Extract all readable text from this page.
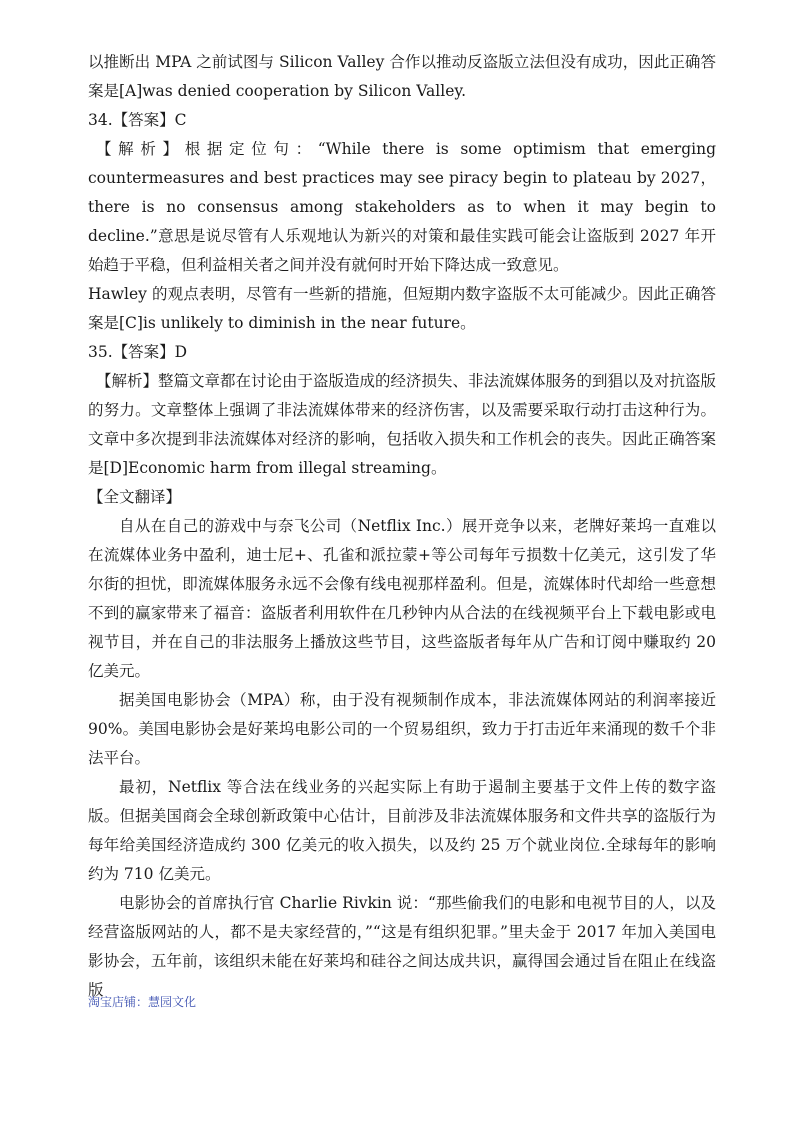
以推断出 MPA 之前试图与 Silicon Valley 合作以推动反盗版立法但没有成功，因此正确答案是[A]was denied cooperation by Silicon Valley.

34.【答案】C

【解析】根据定位句：“While there is some optimism that emerging countermeasures and best practices may see piracy begin to plateau by 2027，there is no consensus among stakeholders as to when it may begin to decline.”意思是说尽管有人乐观地认为新兴的对策和最佳实践可能会让盗版到 2027 年开始趋于平稳，但利益相关者之间并没有就何时开始下降达成一致意见。

Hawley 的观点表明，尽管有一些新的措施，但短期内数字盗版不太可能减少。因此正确答案是[C]is unlikely to diminish in the near future。

35.【答案】D

【解析】整篇文章都在讨论由于盗版造成的经济损失、非法流媒体服务的到猖以及对抗盗版的努力。文章整体上强调了非法流媒体带来的经济伤害，以及需要采取行动打击这种行为。文章中多次提到非法流媒体对经济的影响，包括收入损失和工作机会的丧失。因此正确答案是[D]Economic harm from illegal streaming。

【全文翻译】

自从在自己的游戏中与奈飞公司（Netflix Inc.）展开竞争以来，老牌好莱坞一直难以在流媒体业务中盈利，迪士尼+、孔雀和派拉蒙+等公司每年亏损数十亿美元，这引发了华尔街的担忧，即流媒体服务永远不会像有线电视那样盈利。但是，流媒体时代却给一些意想不到的赢家带来了福音：盗版者利用软件在几秒钟内从合法的在线视频平台上下载电影或电视节目，并在自己的非法服务上播放这些节目，这些盗版者每年从广告和订阅中赚取约 20 亿美元。

据美国电影协会（MPA）称，由于没有视频制作成本，非法流媒体网站的利润率接近 90%。美国电影协会是好莱坞电影公司的一个贸易组织，致力于打击近年来涌现的数千个非法平台。

最初，Netflix 等合法在线业务的兴起实际上有助于遏制主要基于文件上传的数字盗版。但据美国商会全球创新政策中心估计，目前涉及非法流媒体服务和文件共享的盗版行为每年给美国经济造成约 300 亿美元的收入损失，以及约 25 万个就业岗位.全球每年的影响约为 710 亿美元。

电影协会的首席执行官 Charlie Rivkin 说：“那些偷我们的电影和电视节目的人，以及经营盗版网站的人，都不是夫家经营的，”“这是有组织犯罪。”里夫金于 2017 年加入美国电影协会，五年前，该组织未能在好莱坞和硅谷之间达成共识，赢得国会通过旨在阻止在线盗版

淘宝店铺：慧园文化
